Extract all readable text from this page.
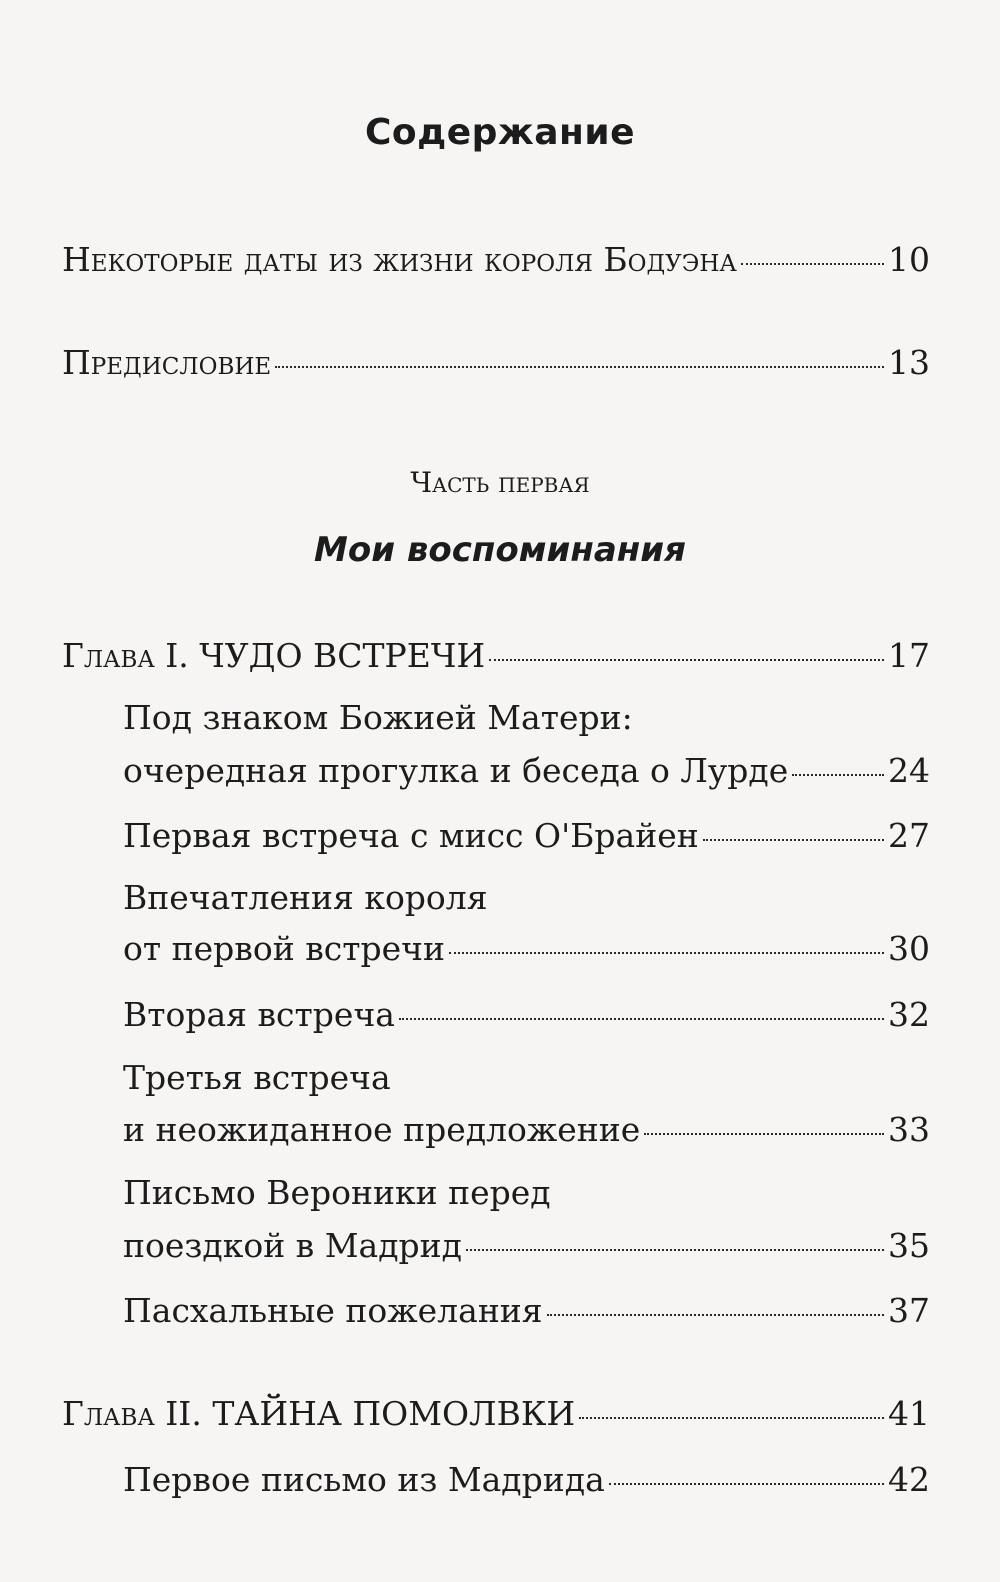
Содержание
Некоторые даты из жизни короля Бодуэна	10
Предисловие	13
Часть первая
Мои воспоминания
Глава I. ЧУДО ВСТРЕЧИ	17
Под знаком Божией Матери:
очередная прогулка и беседа о Лурде	24
Первая встреча с мисс О'Брайен	27
Впечатления короля
от первой встречи	30
Вторая встреча	32
Третья встреча
и неожиданное предложение	33
Письмо Вероники перед
поездкой в Мадрид	35
Пасхальные пожелания	37
Глава II. ТАЙНА ПОМОЛВКИ	41
Первое письмо из Мадрида	42
